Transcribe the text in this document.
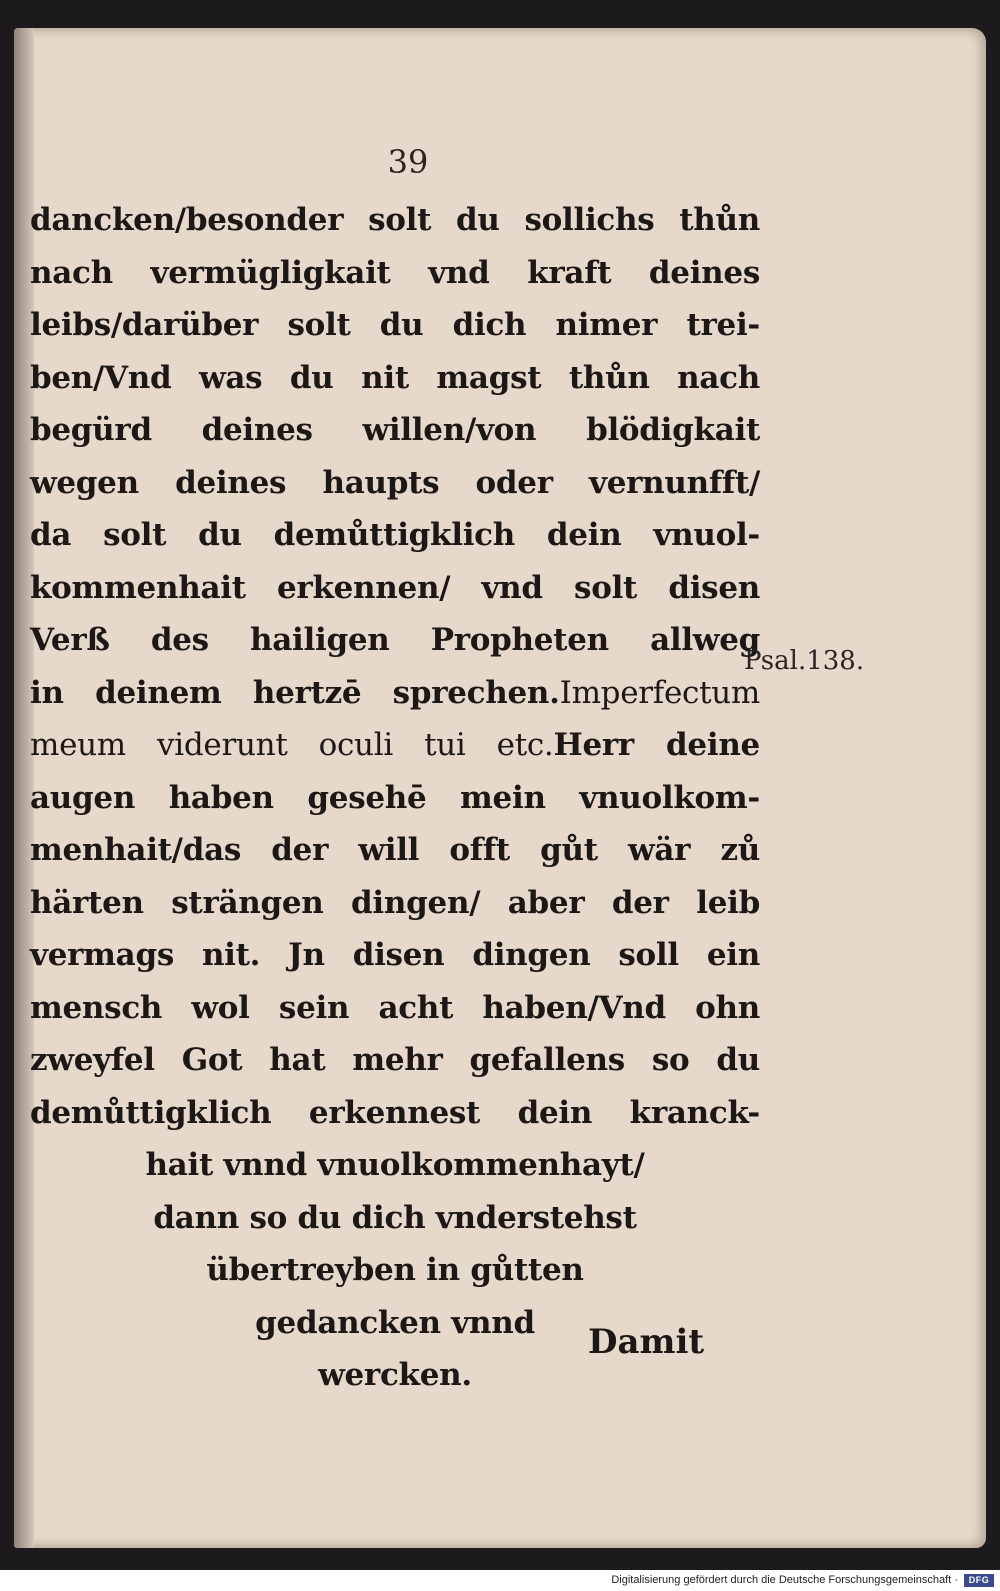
39
dancken/besonder solt du sollichs thůn
nach vermügligkait vnd kraft deines
leibs/darüber solt du dich nimer trei-
ben/Vnd was du nit magst thůn nach
begürd deines willen/von blödigkait
wegen deines haupts oder vernunfft/
da solt du demůttigklich dein vnuol-
kommenhait erkennen/ vnd solt disen
Verß des hailigen Propheten allweg
in deinem hertzē sprechen.Imperfectum
meum viderunt oculi tui etc.Herr deine
augen haben gesehē mein vnuolkom-
menhait/das der will offt gůt wär zů
härten strängen dingen/ aber der leib
vermags nit. Jn disen dingen soll ein
mensch wol sein acht haben/Vnd ohn
zweyfel Got hat mehr gefallens so du
demůttigklich erkennest dein kranck-
hait vnnd vnuolkommenhayt/
dann so du dich vnderstehst
übertreyben in gůtten
gedancken vnnd
wercken.
Psal.138.
Damit
Digitalisierung gefördert durch die Deutsche Forschungsgemeinschaft ·	DFG
